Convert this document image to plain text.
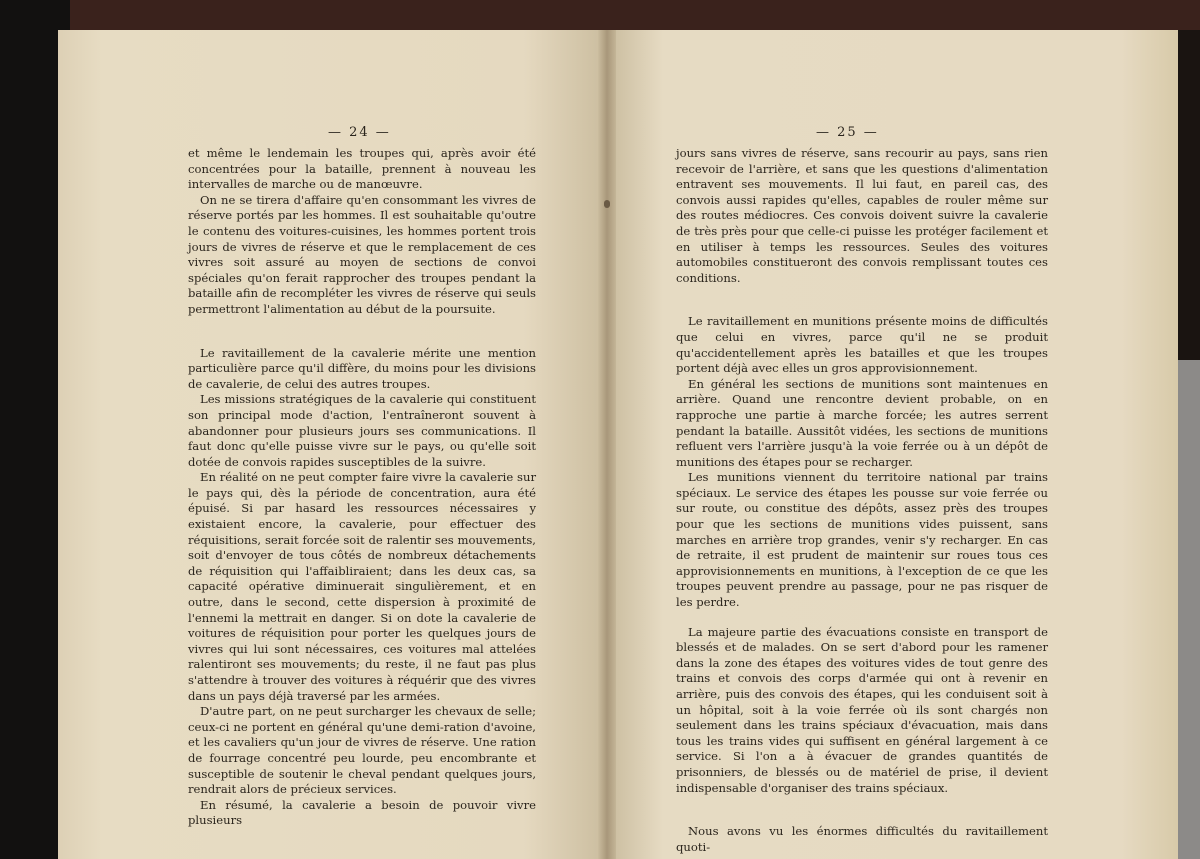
— 24 —

et même le lendemain les troupes qui, après avoir été concentrées pour la bataille, prennent à nouveau les intervalles de marche ou de manœuvre.

On ne se tirera d'affaire qu'en consommant les vivres de réserve portés par les hommes. Il est souhaitable qu'outre le contenu des voitures-cuisines, les hommes portent trois jours de vivres de réserve et que le remplacement de ces vivres soit assuré au moyen de sections de convoi spéciales qu'on ferait rapprocher des troupes pendant la bataille afin de recompléter les vivres de réserve qui seuls permettront l'alimentation au début de la poursuite.

Le ravitaillement de la cavalerie mérite une mention particulière parce qu'il diffère, du moins pour les divisions de cavalerie, de celui des autres troupes.

Les missions stratégiques de la cavalerie qui constituent son principal mode d'action, l'entraîneront souvent à abandonner pour plusieurs jours ses communications. Il faut donc qu'elle puisse vivre sur le pays, ou qu'elle soit dotée de convois rapides susceptibles de la suivre.

En réalité on ne peut compter faire vivre la cavalerie sur le pays qui, dès la période de concentration, aura été épuisé. Si par hasard les ressources nécessaires y existaient encore, la cavalerie, pour effectuer des réquisitions, serait forcée soit de ralentir ses mouvements, soit d'envoyer de tous côtés de nombreux détachements de réquisition qui l'affaibliraient; dans les deux cas, sa capacité opérative diminuerait singulièrement, et en outre, dans le second, cette dispersion à proximité de l'ennemi la mettrait en danger. Si on dote la cavalerie de voitures de réquisition pour porter les quelques jours de vivres qui lui sont nécessaires, ces voitures mal attelées ralentiront ses mouvements; du reste, il ne faut pas plus s'attendre à trouver des voitures à réquérir que des vivres dans un pays déjà traversé par les armées.

D'autre part, on ne peut surcharger les chevaux de selle; ceux-ci ne portent en général qu'une demi-ration d'avoine, et les cavaliers qu'un jour de vivres de réserve. Une ration de fourrage concentré peu lourde, peu encombrante et susceptible de soutenir le cheval pendant quelques jours, rendrait alors de précieux services.

En résumé, la cavalerie a besoin de pouvoir vivre plusieurs

— 25 —

jours sans vivres de réserve, sans recourir au pays, sans rien recevoir de l'arrière, et sans que les questions d'alimentation entravent ses mouvements. Il lui faut, en pareil cas, des convois aussi rapides qu'elles, capables de rouler même sur des routes médiocres. Ces convois doivent suivre la cavalerie de très près pour que celle-ci puisse les protéger facilement et en utiliser à temps les ressources. Seules des voitures automobiles constitueront des convois remplissant toutes ces conditions.

Le ravitaillement en munitions présente moins de difficultés que celui en vivres, parce qu'il ne se produit qu'accidentellement après les batailles et que les troupes portent déjà avec elles un gros approvisionnement.

En général les sections de munitions sont maintenues en arrière. Quand une rencontre devient probable, on en rapproche une partie à marche forcée; les autres serrent pendant la bataille. Aussitôt vidées, les sections de munitions refluent vers l'arrière jusqu'à la voie ferrée ou à un dépôt de munitions des étapes pour se recharger.

Les munitions viennent du territoire national par trains spéciaux. Le service des étapes les pousse sur voie ferrée ou sur route, ou constitue des dépôts, assez près des troupes pour que les sections de munitions vides puissent, sans marches en arrière trop grandes, venir s'y recharger. En cas de retraite, il est prudent de maintenir sur roues tous ces approvisionnements en munitions, à l'exception de ce que les troupes peuvent prendre au passage, pour ne pas risquer de les perdre.

La majeure partie des évacuations consiste en transport de blessés et de malades. On se sert d'abord pour les ramener dans la zone des étapes des voitures vides de tout genre des trains et convois des corps d'armée qui ont à revenir en arrière, puis des convois des étapes, qui les conduisent soit à un hôpital, soit à la voie ferrée où ils sont chargés non seulement dans les trains spéciaux d'évacuation, mais dans tous les trains vides qui suffisent en général largement à ce service. Si l'on a à évacuer de grandes quantités de prisonniers, de blessés ou de matériel de prise, il devient indispensable d'organiser des trains spéciaux.

Nous avons vu les énormes difficultés du ravitaillement quoti-
